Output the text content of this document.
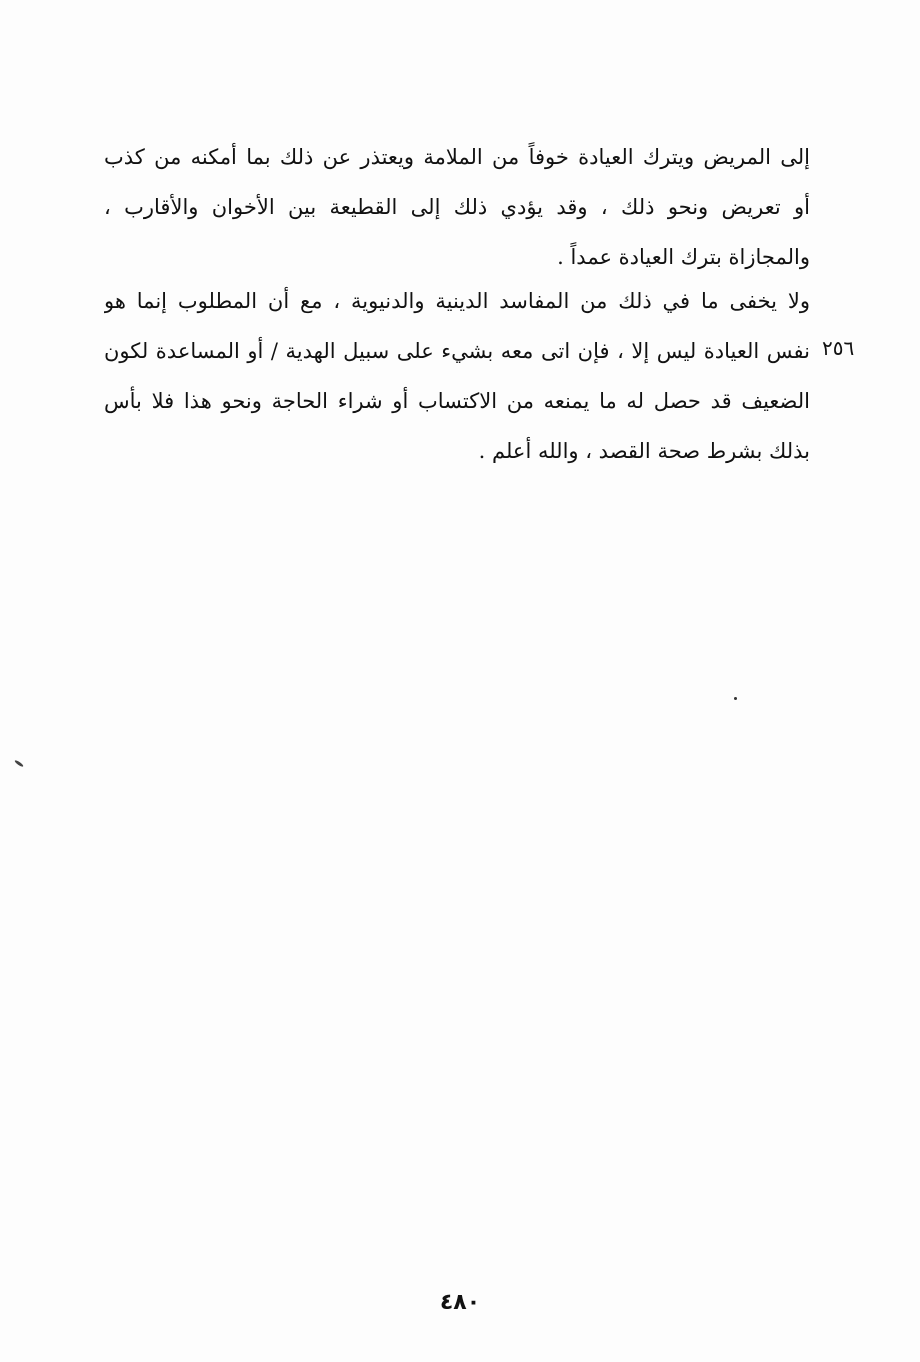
إلى المريض ويترك العيادة خوفاً من الملامة ويعتذر عن ذلك بما أمكنه من كذب
أو تعريض ونحو ذلك ، وقد يؤدي ذلك إلى القطيعة بين الأخوان والأقارب ،
والمجازاة بترك العيادة عمداً .
ولا يخفى ما في ذلك من المفاسد الدينية والدنيوية ، مع أن المطلوب إنما هو
نفس العيادة ليس إلا ، فإن اتى معه بشيء على سبيل الهدية / أو المساعدة لكون
الضعيف قد حصل له ما يمنعه من الاكتساب أو شراء الحاجة ونحو هذا فلا بأس
بذلك بشرط صحة القصد ، والله أعلم .
٢٥٦
٤٨٠
